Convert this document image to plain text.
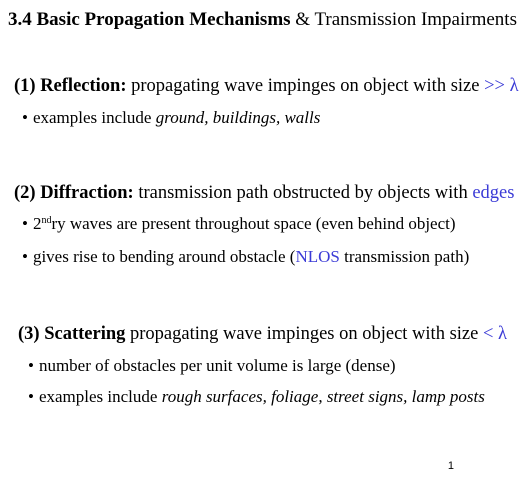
3.4 Basic Propagation Mechanisms & Transmission Impairments
(1) Reflection: propagating wave impinges on object with size >> λ
• examples include ground, buildings, walls
(2) Diffraction: transmission path obstructed by objects with edges
• 2ndry waves are present throughout space (even behind object)
• gives rise to bending around obstacle (NLOS transmission path)
(3) Scattering propagating wave impinges on object with size < λ
• number of obstacles per unit volume is large (dense)
• examples include rough surfaces, foliage, street signs, lamp posts
1
